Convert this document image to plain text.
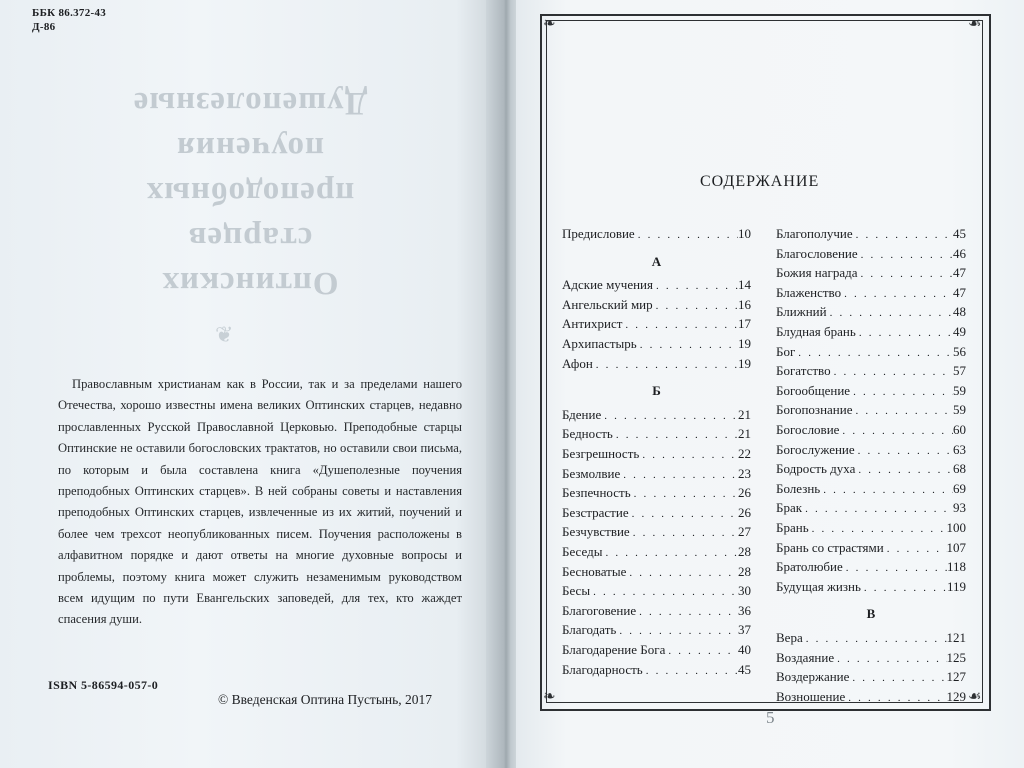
ББК 86.372-43
Д-86
Оптинских старцев
преподобных
поучения
Душеполезные
❦
Православным христианам как в России, так и за пределами нашего Отечества, хорошо известны имена великих Оптинских старцев, недавно прославленных Русской Православной Церковью. Преподобные старцы Оптинские не оставили богословских трактатов, но оставили свои письма, по которым и была составлена книга «Душеполезные поучения преподобных Оптинских старцев». В ней собраны советы и наставления преподобных Оптинских старцев, извлеченные из их житий, поучений и более чем трехсот неопубликованных писем. Поучения расположены в алфавитном порядке и дают ответы на многие духовные вопросы и проблемы, поэтому книга может служить незаменимым руководством всем идущим по пути Евангельских заповедей, для тех, кто жаждет спасения души.
ISBN 5-86594-057-0
© Введенская Оптина Пустынь, 2017
❧	☙
❧	☙
СОДЕРЖАНИЕ
Предисловие . . .	10
А
Адские мучения . . .	14
Ангельский мир . . .	16
Антихрист . . .	17
Архипастырь . . .	19
Афон . . .	19
Б
Бдение . . .	21
Бедность . . .	21
Безгрешность . . .	22
Безмолвие . . .	23
Безпечность . . .	26
Безстрастие . . .	26
Безчувствие . . .	27
Беседы . . .	28
Бесноватые . . .	28
Бесы . . .	30
Благоговение . . .	36
Благодать . . .	37
Благодарение Бога . . .	40
Благодарность . . .	45
Благополучие . . .	45
Благословение . . .	46
Божия награда . . .	47
Блаженство . . .	47
Ближний . . .	48
Блудная брань . . .	49
Бог . . .	56
Богатство . . .	57
Богообщение . . .	59
Богопознание . . .	59
Богословие . . .	60
Богослужение . . .	63
Бодрость духа . . .	68
Болезнь . . .	69
Брак . . .	93
Брань . . .	100
Брань со страстями . . .	107
Братолюбие . . .	118
Будущая жизнь . . .	119
В
Вера . . .	121
Воздаяние . . .	125
Воздержание . . .	127
Возношение . . .	129
5
